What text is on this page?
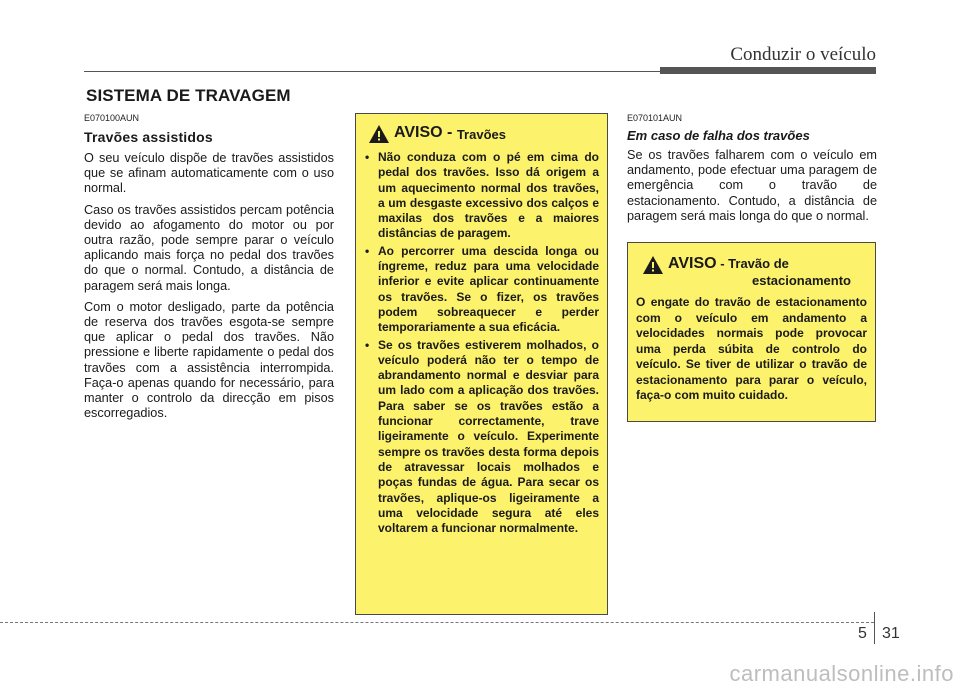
Conduzir o veículo
SISTEMA DE TRAVAGEM
E070100AUN
Travões assistidos

O seu veículo dispõe de travões assistidos que se afinam automaticamente com o uso normal.

Caso os travões assistidos percam potência devido ao afogamento do motor ou por outra razão, pode sempre parar o veículo aplicando mais força no pedal dos travões do que o normal. Contudo, a distância de paragem será mais longa.

Com o motor desligado, parte da potência de reserva dos travões esgota-se sempre que aplicar o pedal dos travões. Não pressione e liberte rapidamente o pedal dos travões com a assistência interrompida. Faça-o apenas quando for necessário, para manter o controlo da direcção em pisos escorregadios.

AVISO - Travões
• Não conduza com o pé em cima do pedal dos travões. Isso dá origem a um aquecimento normal dos travões, a um desgaste excessivo dos calços e maxilas dos travões e a maiores distâncias de paragem.
• Ao percorrer uma descida longa ou íngreme, reduz para uma velocidade inferior e evite aplicar continuamente os travões. Se o fizer, os travões podem sobreaquecer e perder temporariamente a sua eficácia.
• Se os travões estiverem molhados, o veículo poderá não ter o tempo de abrandamento normal e desviar para um lado com a aplicação dos travões. Para saber se os travões estão a funcionar correctamente, trave ligeiramente o veículo. Experimente sempre os travões desta forma depois de atravessar locais molhados e poças fundas de água. Para secar os travões, aplique-os ligeiramente a uma velocidade segura até eles voltarem a funcionar normalmente.
E070101AUN
Em caso de falha dos travões

Se os travões falharem com o veículo em andamento, pode efectuar uma paragem de emergência com o travão de estacionamento. Contudo, a distância de paragem será mais longa do que o normal.

AVISO - Travão de
estacionamento

O engate do travão de estacionamento com o veículo em andamento a velocidades normais pode provocar uma perda súbita de controlo do veículo. Se tiver de utilizar o travão de estacionamento para parar o veículo, faça-o com muito cuidado.

5 31
carmanualsonline.info
